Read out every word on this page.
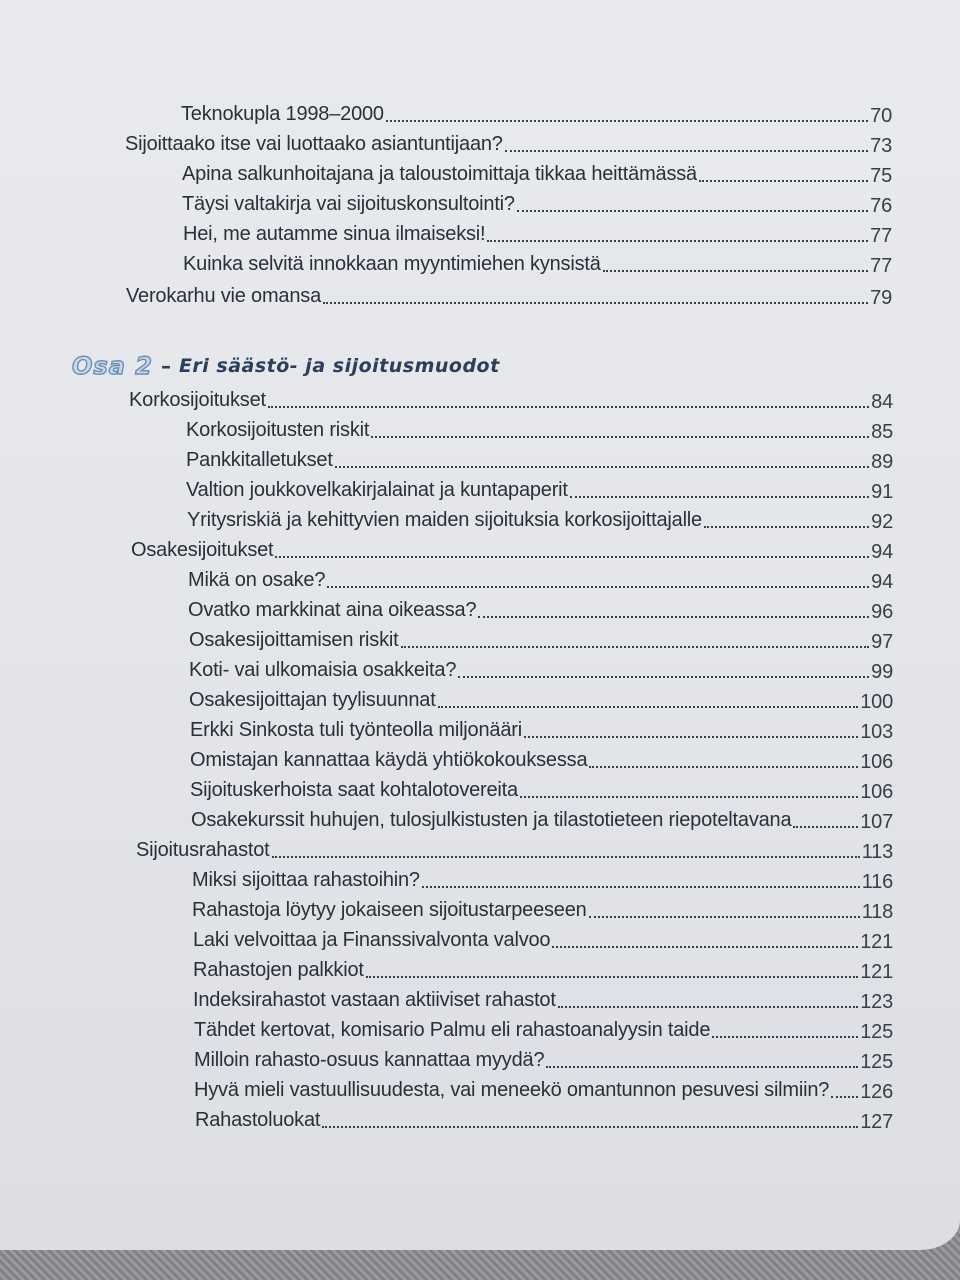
Teknokupla 1998–2000	70
Sijoittaako itse vai luottaako asiantuntijaan?	73
Apina salkunhoitajana ja taloustoimittaja tikkaa heittämässä	75
Täysi valtakirja vai sijoituskonsultointi?	76
Hei, me autamme sinua ilmaiseksi!	77
Kuinka selvitä innokkaan myyntimiehen kynsistä	77
Verokarhu vie omansa	79
Osa 2 – Eri säästö- ja sijoitusmuodot
Korkosijoitukset	84
Korkosijoitusten riskit	85
Pankkitalletukset	89
Valtion joukkovelkakirjalainat ja kuntapaperit	91
Yritysriskiä ja kehittyvien maiden sijoituksia korkosijoittajalle	92
Osakesijoitukset	94
Mikä on osake?	94
Ovatko markkinat aina oikeassa?	96
Osakesijoittamisen riskit	97
Koti- vai ulkomaisia osakkeita?	99
Osakesijoittajan tyylisuunnat	100
Erkki Sinkosta tuli työnteolla miljonääri	103
Omistajan kannattaa käydä yhtiökokouksessa	106
Sijoituskerhoista saat kohtalotovereita	106
Osakekurssit huhujen, tulosjulkistusten ja tilastotieteen riepoteltavana	107
Sijoitusrahastot	113
Miksi sijoittaa rahastoihin?	116
Rahastoja löytyy jokaiseen sijoitustarpeeseen	118
Laki velvoittaa ja Finanssivalvonta valvoo	121
Rahastojen palkkiot	121
Indeksirahastot vastaan aktiiviset rahastot	123
Tähdet kertovat, komisario Palmu eli rahastoanalyysin taide	125
Milloin rahasto-osuus kannattaa myydä?	125
Hyvä mieli vastuullisuudesta, vai meneekö omantunnon pesuvesi silmiin? 126
Rahastoluokat	127
